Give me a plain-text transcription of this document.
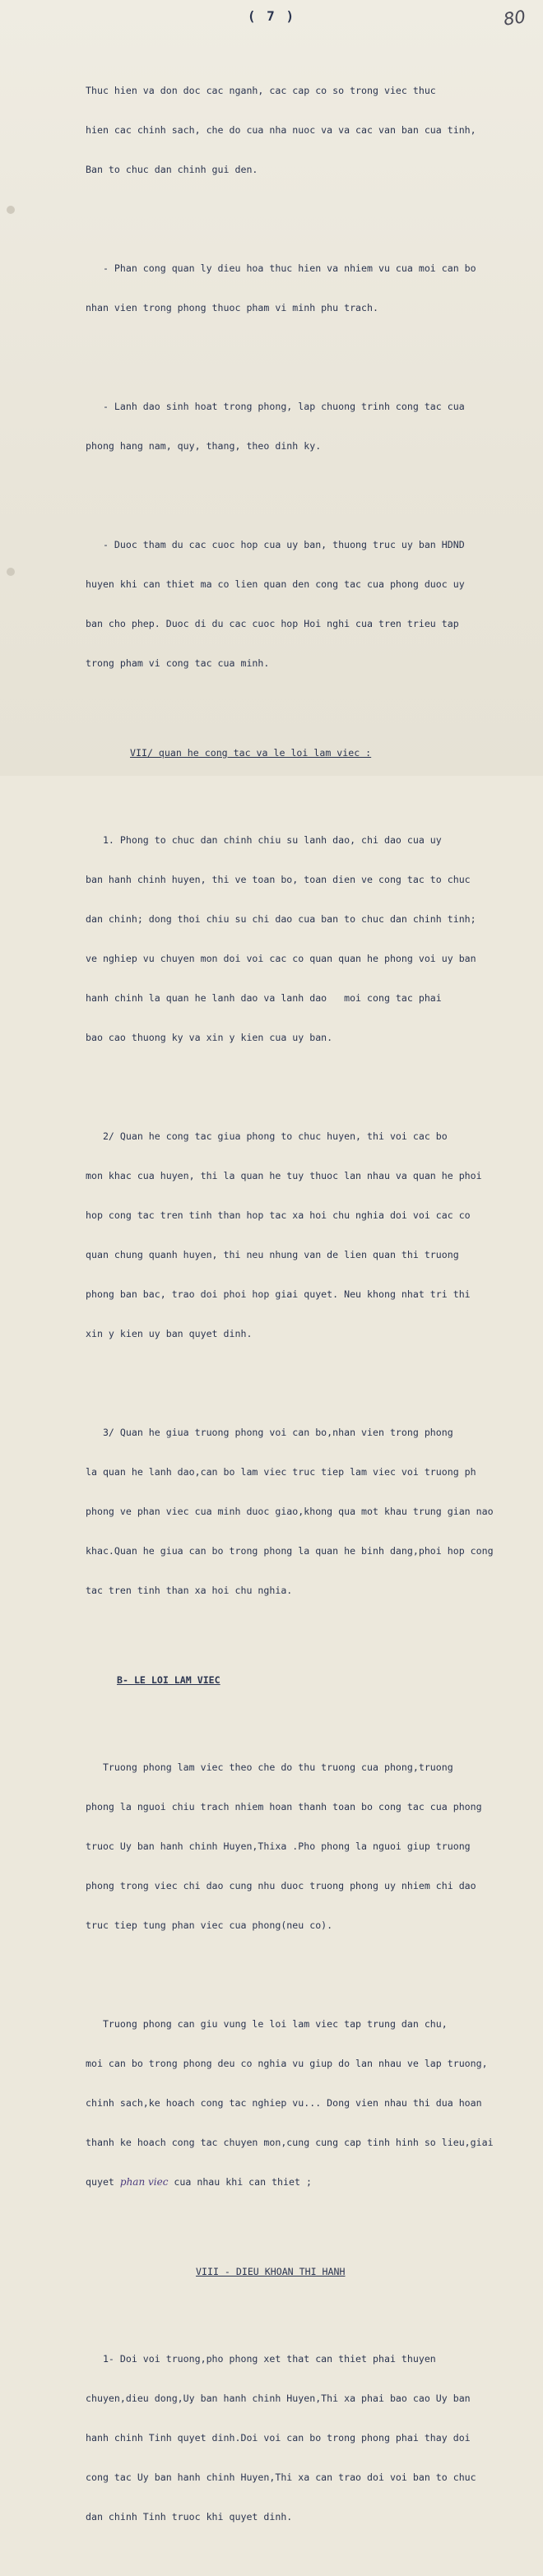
( 7 )	80

Thuc hien va don doc cac nganh, cac cap co so trong viec thuc

hien cac chinh sach, che do cua nha nuoc va va cac van ban cua tinh,

Ban to chuc dan chinh gui den.

- Phan cong quan ly dieu hoa thuc hien va nhiem vu cua moi can bo

nhan vien trong phong thuoc pham vi minh phu trach.

- Lanh dao sinh hoat trong phong, lap chuong trinh cong tac cua

phong hang nam, quy, thang, theo dinh ky.

- Duoc tham du cac cuoc hop cua uy ban, thuong truc uy ban HDND

huyen khi can thiet ma co lien quan den cong tac cua phong duoc uy

ban cho phep. Duoc di du cac cuoc hop Hoi nghi cua tren trieu tap

trong pham vi cong tac cua minh.

VII/ quan he cong tac va le loi lam viec :

1. Phong to chuc dan chinh chiu su lanh dao, chi dao cua uy

ban hanh chinh huyen, thi ve toan bo, toan dien ve cong tac to chuc

dan chinh; dong thoi chiu su chi dao cua ban to chuc dan chinh tinh;

ve nghiep vu chuyen mon doi voi cac co quan quan he phong voi uy ban

hanh chinh la quan he lanh dao va lanh dao   moi cong tac phai

bao cao thuong ky va xin y kien cua uy ban.

2/ Quan he cong tac giua phong to chuc huyen, thi voi cac bo

mon khac cua huyen, thi la quan he tuy thuoc lan nhau va quan he phoi

hop cong tac tren tinh than hop tac xa hoi chu nghia doi voi cac co

quan chung quanh huyen, thi neu nhung van de lien quan thi truong

phong ban bac, trao doi phoi hop giai quyet. Neu khong nhat tri thi

xin y kien uy ban quyet dinh.

3/ Quan he giua truong phong voi can bo,nhan vien trong phong

la quan he lanh dao,can bo lam viec truc tiep lam viec voi truong ph

phong ve phan viec cua minh duoc giao,khong qua mot khau trung gian nao

khac.Quan he giua can bo trong phong la quan he binh dang,phoi hop cong

tac tren tinh than xa hoi chu nghia.

B- LE LOI LAM VIEC

Truong phong lam viec theo che do thu truong cua phong,truong

phong la nguoi chiu trach nhiem hoan thanh toan bo cong tac cua phong

truoc Uy ban hanh chinh Huyen,Thixa .Pho phong la nguoi giup truong

phong trong viec chi dao cung nhu duoc truong phong uy nhiem chi dao

truc tiep tung phan viec cua phong(neu co).

Truong phong can giu vung le loi lam viec tap trung dan chu,

moi can bo trong phong deu co nghia vu giup do lan nhau ve lap truong,

chinh sach,ke hoach cong tac nghiep vu... Dong vien nhau thi dua hoan

thanh ke hoach cong tac chuyen mon,cung cung cap tinh hinh so lieu,giai

quyet phan viec cua nhau khi can thiet ;

VIII - DIEU KHOAN THI HANH

1- Doi voi truong,pho phong xet that can thiet phai thuyen

chuyen,dieu dong,Uy ban hanh chinh Huyen,Thi xa phai bao cao Uy ban

hanh chinh Tinh quyet dinh.Doi voi can bo trong phong phai thay doi

cong tac Uy ban hanh chinh Huyen,Thi xa can trao doi voi ban to chuc

dan chinh Tinh truoc khi quyet dinh.
